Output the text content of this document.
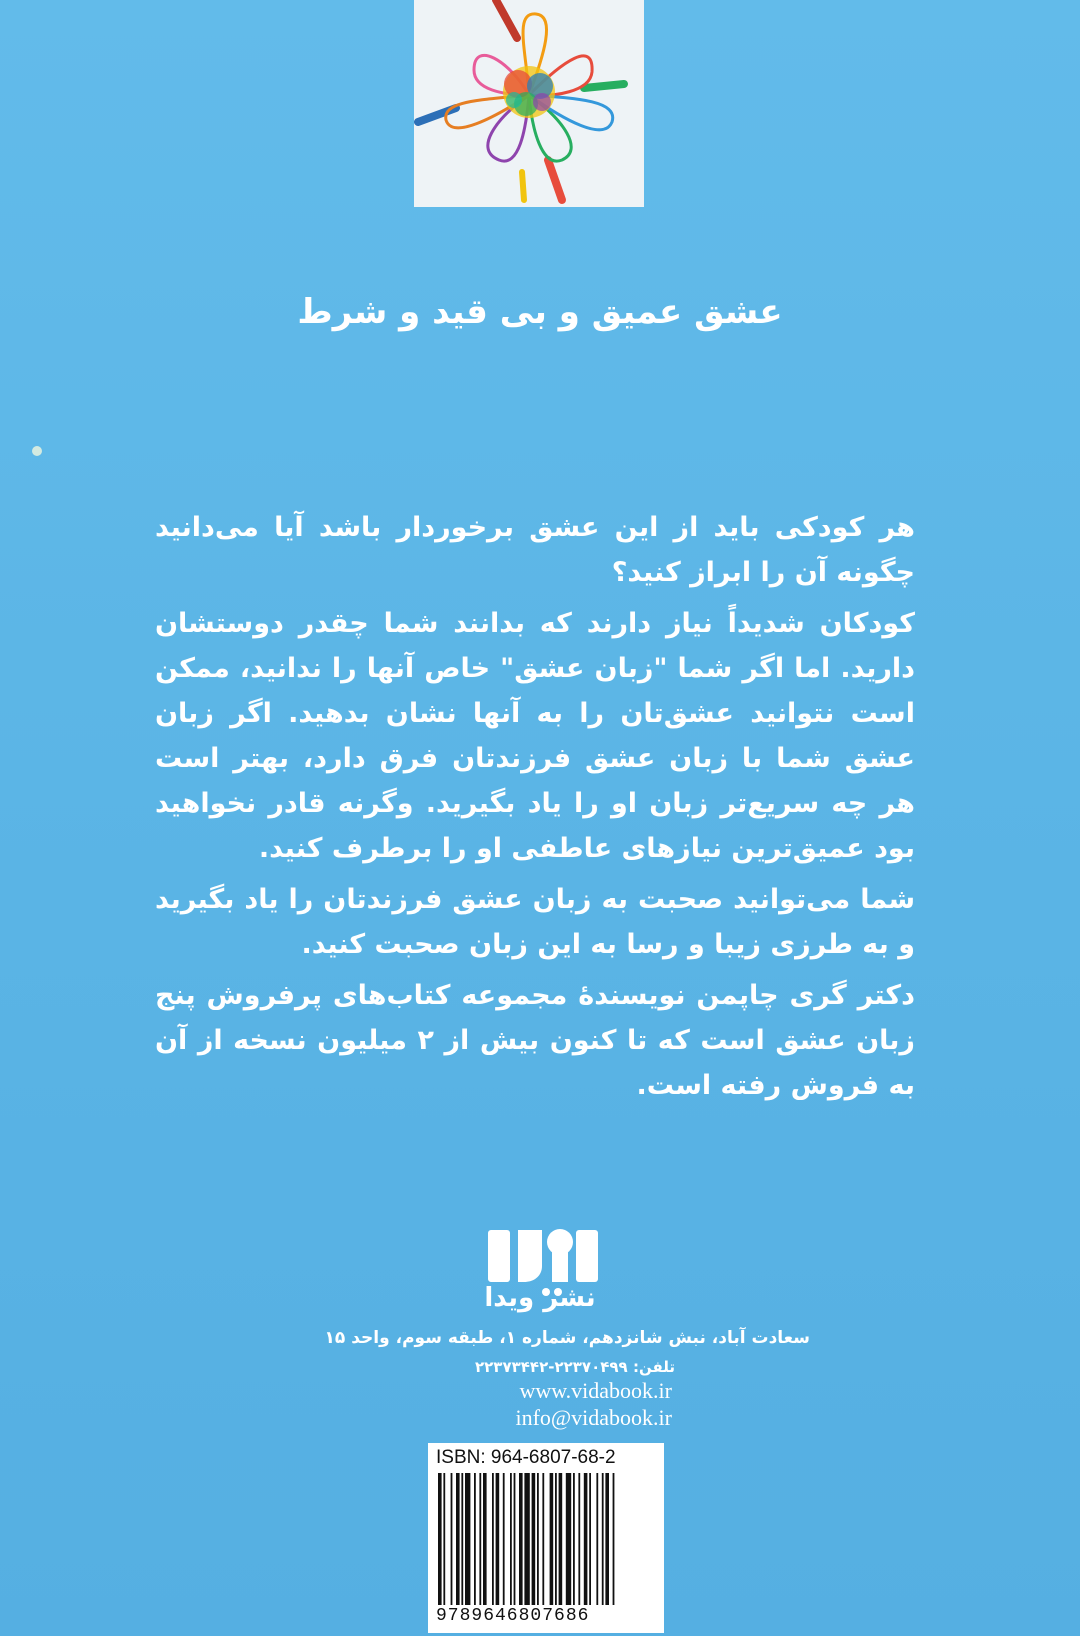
عشق عمیق و بی قید و شرط

هر کودکی باید از این عشق برخوردار باشد آیا می‌دانید چگونه آن را ابراز کنید؟

کودکان شدیداً نیاز دارند که بدانند شما چقدر دوستشان دارید. اما اگر شما "زبان عشق" خاص آنها را ندانید، ممکن است نتوانید عشق‌تان را به آنها نشان بدهید. اگر زبان عشق شما با زبان عشق فرزندتان فرق دارد، بهتر است هر چه سریع‌تر زبان او را یاد بگیرید. وگرنه قادر نخواهید بود عمیق‌ترین نیازهای عاطفی او را برطرف کنید.

شما می‌توانید صحبت به زبان عشق فرزندتان را یاد بگیرید و به طرزی زیبا و رسا به این زبان صحبت کنید.

دکتر گری چاپمن نویسندۀ مجموعه کتاب‌های پرفروش پنج زبان عشق است که تا کنون بیش از ۲ میلیون نسخه از آن به فروش رفته است.

نشر ویدا
سعادت آباد، نبش شانزدهم، شماره ۱، طبقه سوم، واحد ۱۵
تلفن: ۲۲۳۷۰۴۹۹-۲۲۳۷۳۴۴۲
www.vidabook.ir
info@vidabook.ir
ISBN: 964-6807-68-2
9789646807686
